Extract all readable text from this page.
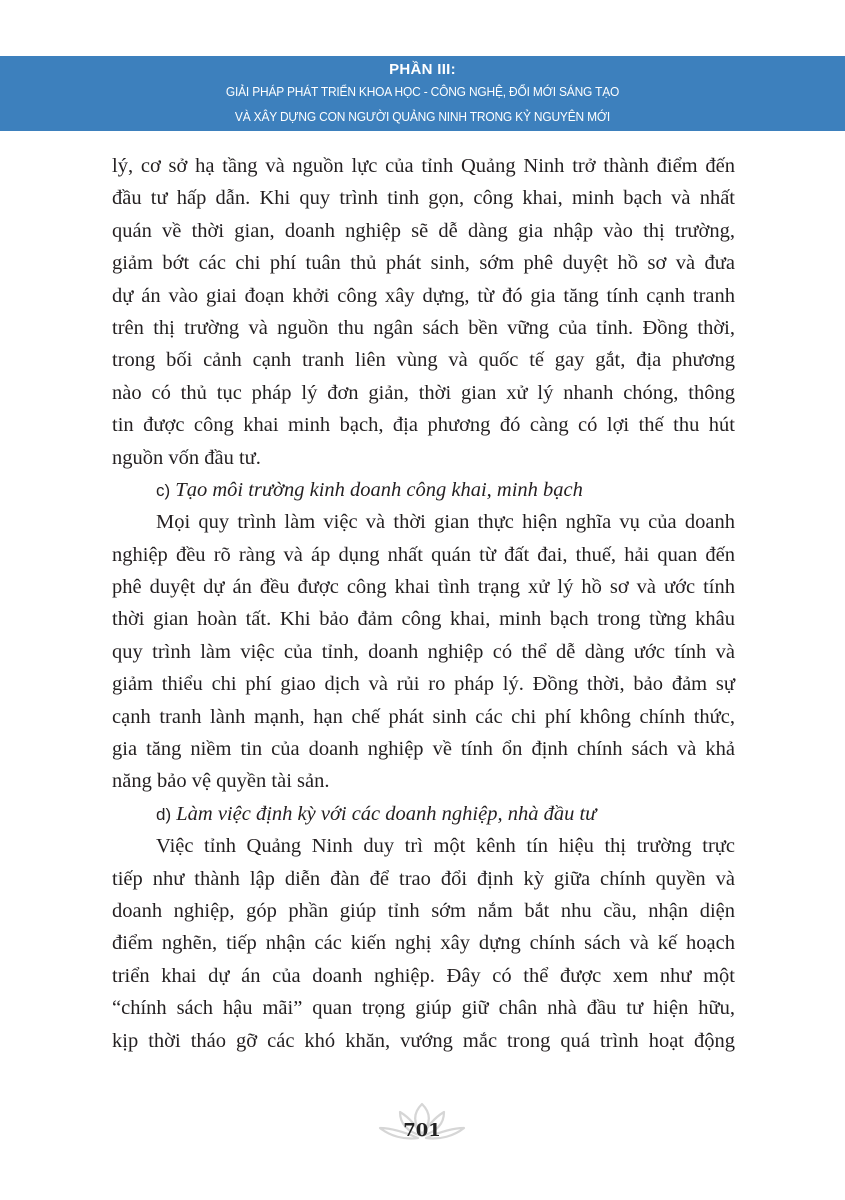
PHẦN III:
GIẢI PHÁP PHÁT TRIỂN KHOA HỌC - CÔNG NGHỆ, ĐỔI MỚI SÁNG TẠO
VÀ XÂY DỰNG CON NGƯỜI QUẢNG NINH TRONG KỶ NGUYÊN MỚI
lý, cơ sở hạ tầng và nguồn lực của tỉnh Quảng Ninh trở thành điểm đến
đầu tư hấp dẫn. Khi quy trình tinh gọn, công khai, minh bạch và nhất
quán về thời gian, doanh nghiệp sẽ dễ dàng gia nhập vào thị trường,
giảm bớt các chi phí tuân thủ phát sinh, sớm phê duyệt hồ sơ và đưa
dự án vào giai đoạn khởi công xây dựng, từ đó gia tăng tính cạnh tranh
trên thị trường và nguồn thu ngân sách bền vững của tỉnh. Đồng thời,
trong bối cảnh cạnh tranh liên vùng và quốc tế gay gắt, địa phương
nào có thủ tục pháp lý đơn giản, thời gian xử lý nhanh chóng, thông
tin được công khai minh bạch, địa phương đó càng có lợi thế thu hút
nguồn vốn đầu tư.
c) Tạo môi trường kinh doanh công khai, minh bạch
Mọi quy trình làm việc và thời gian thực hiện nghĩa vụ của doanh
nghiệp đều rõ ràng và áp dụng nhất quán từ đất đai, thuế, hải quan đến
phê duyệt dự án đều được công khai tình trạng xử lý hồ sơ và ước tính
thời gian hoàn tất. Khi bảo đảm công khai, minh bạch trong từng khâu
quy trình làm việc của tỉnh, doanh nghiệp có thể dễ dàng ước tính và
giảm thiểu chi phí giao dịch và rủi ro pháp lý. Đồng thời, bảo đảm sự
cạnh tranh lành mạnh, hạn chế phát sinh các chi phí không chính thức,
gia tăng niềm tin của doanh nghiệp về tính ổn định chính sách và khả
năng bảo vệ quyền tài sản.
d) Làm việc định kỳ với các doanh nghiệp, nhà đầu tư
Việc tỉnh Quảng Ninh duy trì một kênh tín hiệu thị trường trực
tiếp như thành lập diễn đàn để trao đổi định kỳ giữa chính quyền và
doanh nghiệp, góp phần giúp tỉnh sớm nắm bắt nhu cầu, nhận diện
điểm nghẽn, tiếp nhận các kiến nghị xây dựng chính sách và kế hoạch
triển khai dự án của doanh nghiệp. Đây có thể được xem như một
“chính sách hậu mãi” quan trọng giúp giữ chân nhà đầu tư hiện hữu,
kịp thời tháo gỡ các khó khăn, vướng mắc trong quá trình hoạt động
701
